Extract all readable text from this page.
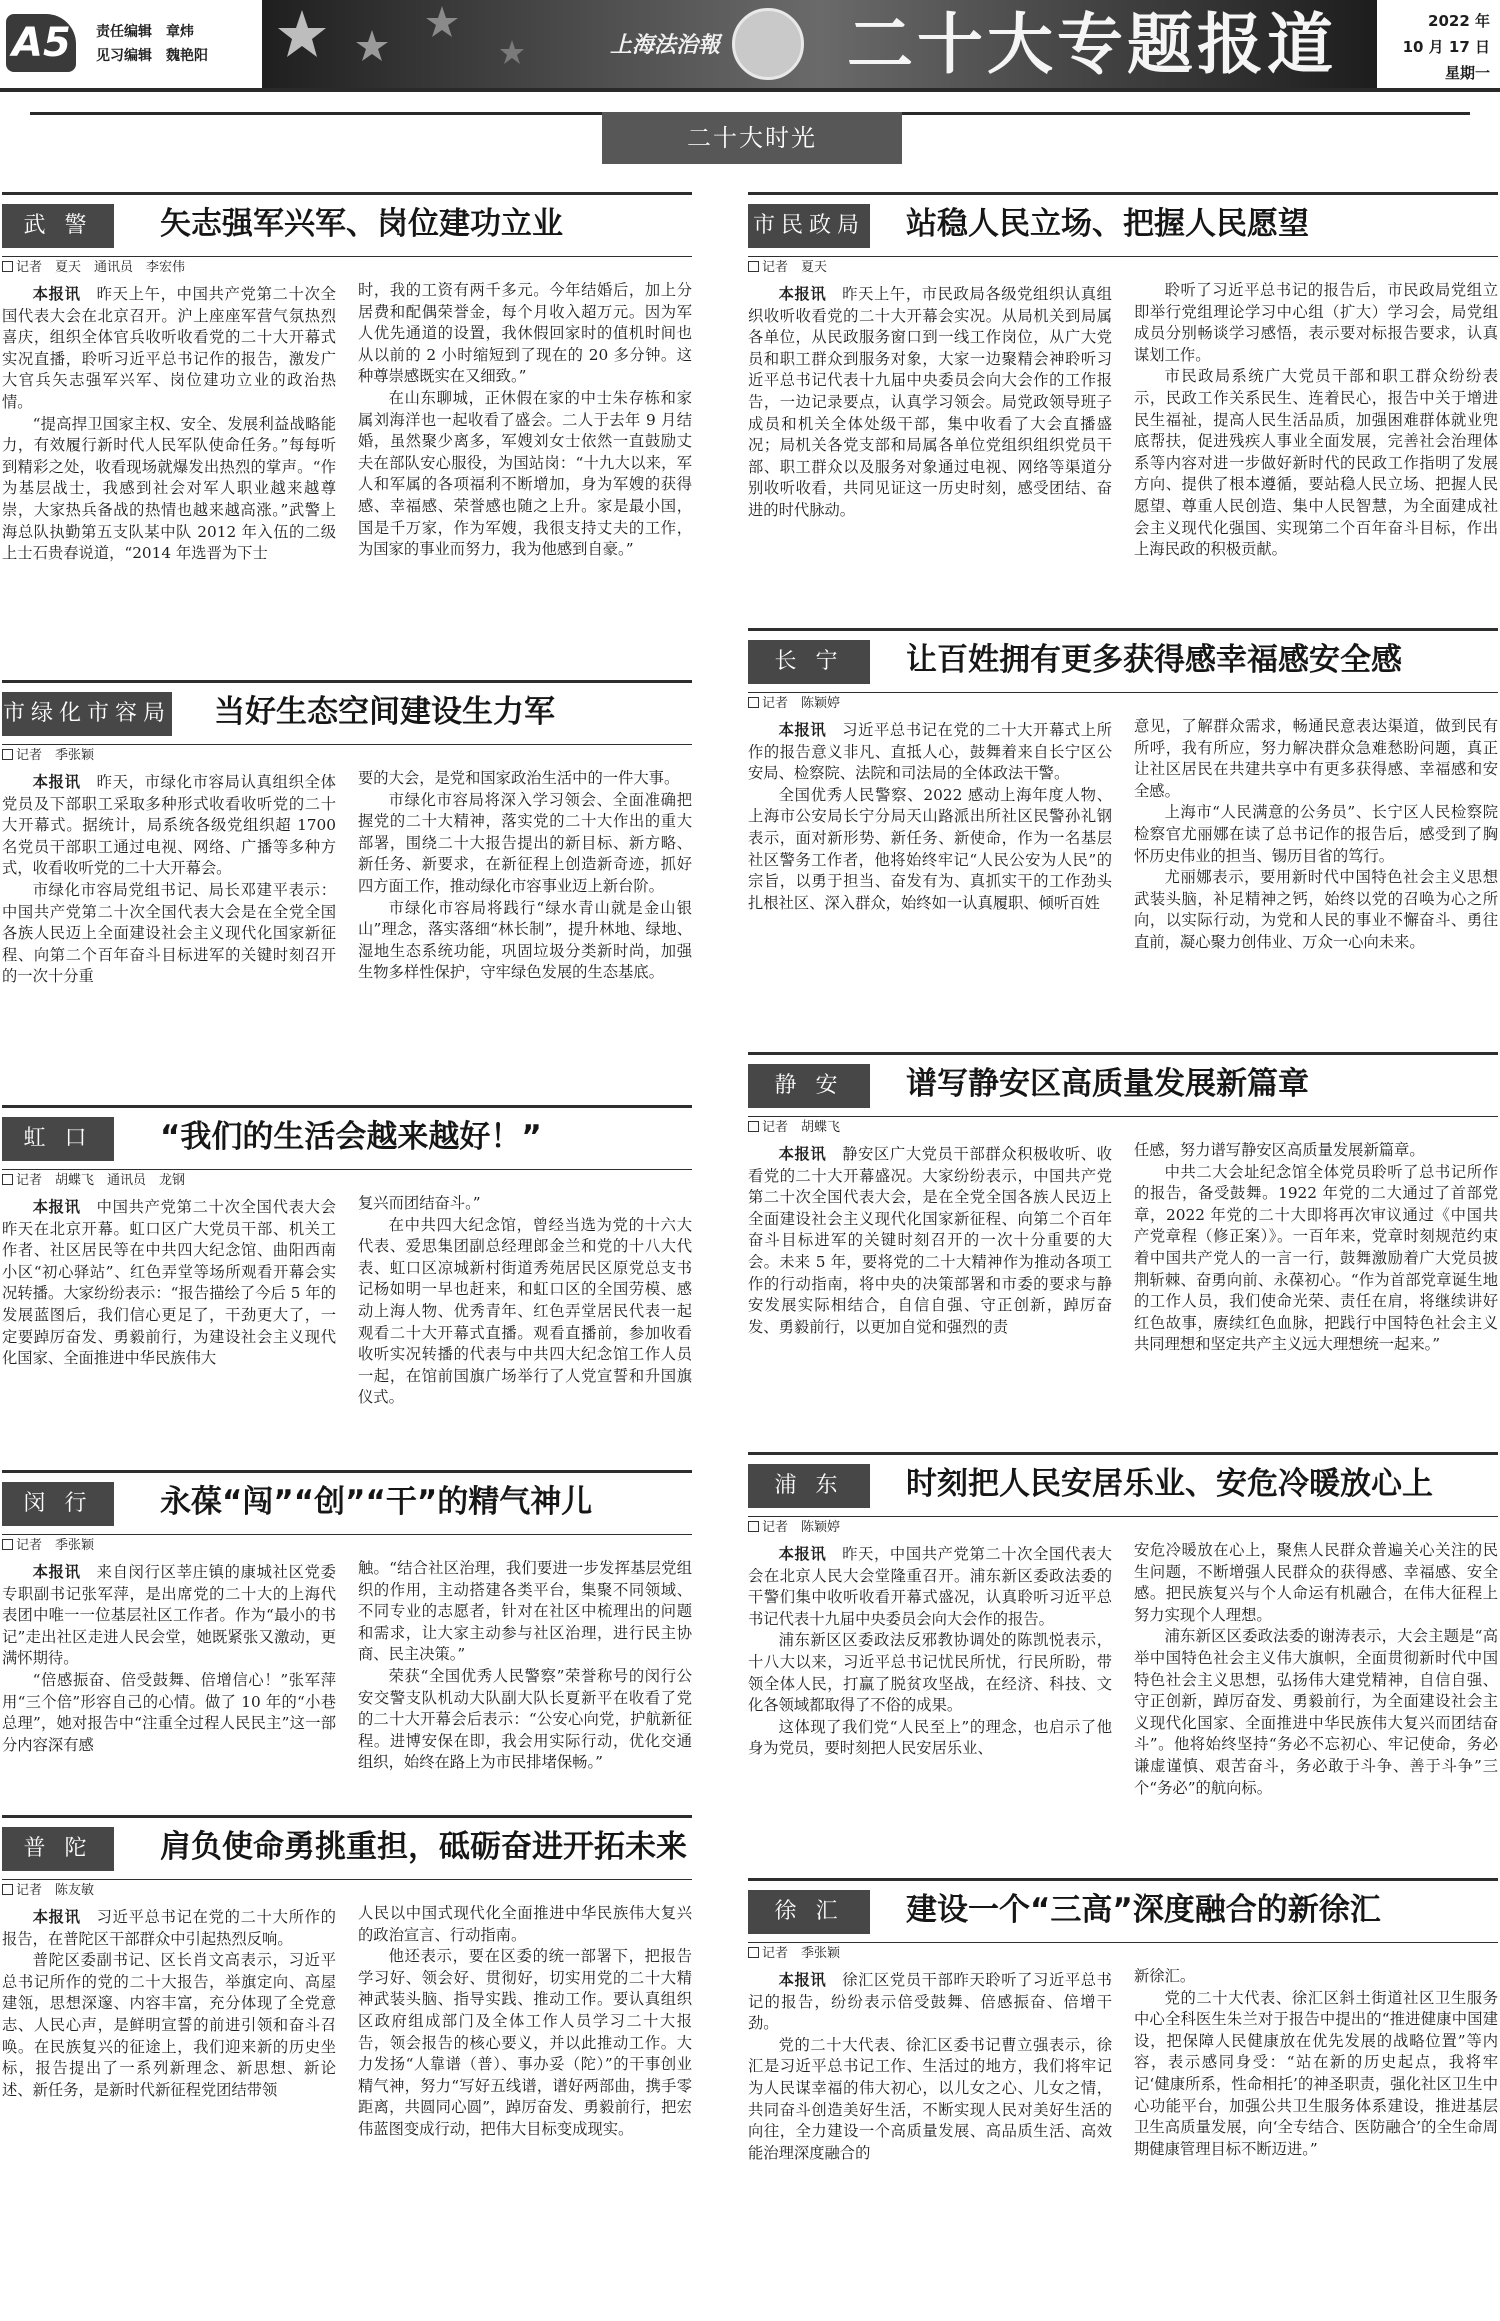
A5	责任编辑　 章炜
见习编辑　 魏艳阳	上海法治報 二十大专题报道	2022 年
10 月 17 日
星期一
二十大时光
武 警	矢志强军兴军、岗位建功立业
记者　夏天　通讯员　李宏伟

本报讯　 昨天上午，中国共产党第二十次全国代表大会在北京召开。沪上座座军营气氛热烈喜庆，组织全体官兵收听收看党的二十大开幕式实况直播，聆听习近平总书记作的报告，激发广大官兵矢志强军兴军、岗位建功立业的政治热情。

“提高捍卫国家主权、安全、发展利益战略能力，有效履行新时代人民军队使命任务。”每每听到精彩之处，收看现场就爆发出热烈的掌声。“作为基层战士，我感到社会对军人职业越来越尊崇，大家热兵备战的热情也越来越高涨。”武警上海总队执勤第五支队某中队 2012 年入伍的二级上士石贵春说道，“2014 年选晋为下士

时，我的工资有两千多元。今年结婚后，加上分居费和配偶荣誉金，每个月收入超万元。因为军人优先通道的设置，我休假回家时的值机时间也从以前的 2 小时缩短到了现在的 20 多分钟。这种尊崇感既实在又细致。”

在山东聊城，正休假在家的中士朱存栋和家属刘海洋也一起收看了盛会。二人于去年 9 月结婚，虽然聚少离多，军嫂刘女士依然一直鼓励丈夫在部队安心服役，为国站岗：“十九大以来，军人和军属的各项福利不断增加，身为军嫂的获得感、幸福感、荣誉感也随之上升。家是最小国，国是千万家，作为军嫂，我很支持丈夫的工作，为国家的事业而努力，我为他感到自豪。”

市绿化市容局 当好生态空间建设生力军
记者　季张颖

本报讯　 昨天，市绿化市容局认真组织全体党员及下部职工采取多种形式收看收听党的二十大开幕式。据统计，局系统各级党组织超 1700 名党员干部职工通过电视、网络、广播等多种方式，收看收听党的二十大开幕会。

市绿化市容局党组书记、局长邓建平表示：中国共产党第二十次全国代表大会是在全党全国各族人民迈上全面建设社会主义现代化国家新征程、向第二个百年奋斗目标进军的关键时刻召开的一次十分重

要的大会，是党和国家政治生活中的一件大事。

市绿化市容局将深入学习领会、全面准确把握党的二十大精神，落实党的二十大作出的重大部署，围绕二十大报告提出的新目标、新方略、新任务、新要求，在新征程上创造新奇迹，抓好四方面工作，推动绿化市容事业迈上新台阶。

市绿化市容局将践行“绿水青山就是金山银山”理念，落实落细“林长制”，提升林地、绿地、湿地生态系统功能，巩固垃圾分类新时尚，加强生物多样性保护，守牢绿色发展的生态基底。

虹 口	“我们的生活会越来越好！”
记者　胡蝶飞　通讯员　龙钢

本报讯　 中国共产党第二十次全国代表大会昨天在北京开幕。虹口区广大党员干部、机关工作者、社区居民等在中共四大纪念馆、曲阳西南小区“初心驿站”、红色弄堂等场所观看开幕会实况转播。大家纷纷表示：“报告描绘了今后 5 年的发展蓝图后，我们信心更足了，干劲更大了，一定要踔厉奋发、勇毅前行，为建设社会主义现代化国家、全面推进中华民族伟大

复兴而团结奋斗。”

在中共四大纪念馆，曾经当选为党的十六大代表、爱思集团副总经理郎金兰和党的十八大代表、虹口区凉城新村街道秀苑居民区原党总支书记杨如明一早也赶来，和虹口区的全国劳模、感动上海人物、优秀青年、红色弄堂居民代表一起观看二十大开幕式直播。观看直播前，参加收看收听实况转播的代表与中共四大纪念馆工作人员一起，在馆前国旗广场举行了人党宣誓和升国旗仪式。

闵 行	永葆“闯”“创”“干”的精气神儿
记者　季张颖

本报讯　 来自闵行区莘庄镇的康城社区党委专职副书记张军萍，是出席党的二十大的上海代表团中唯一一位基层社区工作者。作为“最小的书记”走出社区走进人民会堂，她既紧张又激动，更满怀期待。

“倍感振奋、倍受鼓舞、倍增信心！”张军萍用“三个倍”形容自己的心情。做了 10 年的“小巷总理”，她对报告中“注重全过程人民民主”这一部分内容深有感

触。“结合社区治理，我们要进一步发挥基层党组织的作用，主动搭建各类平台，集聚不同领域、不同专业的志愿者，针对在社区中梳理出的问题和需求，让大家主动参与社区治理，进行民主协商、民主决策。”

荣获“全国优秀人民警察”荣誉称号的闵行公安交警支队机动大队副大队长夏新平在收看了党的二十大开幕会后表示：“公安心向党，护航新征程。进博安保在即，我会用实际行动，优化交通组织，始终在路上为市民排堵保畅。”

普 陀	肩负使命勇挑重担，砥砺奋进开拓未来
记者　陈友敏

本报讯　 习近平总书记在党的二十大所作的报告，在普陀区干部群众中引起热烈反响。

普陀区委副书记、区长肖文高表示，习近平总书记所作的党的二十大报告，举旗定向、高屋建瓴，思想深邃、内容丰富，充分体现了全党意志、人民心声，是鲜明宣誓的前进引领和奋斗召唤。在民族复兴的征途上，我们迎来新的历史坐标，报告提出了一系列新理念、新思想、新论述、新任务，是新时代新征程党团结带领

人民以中国式现代化全面推进中华民族伟大复兴的政治宣言、行动指南。

他还表示，要在区委的统一部署下，把报告学习好、领会好、贯彻好，切实用党的二十大精神武装头脑、指导实践、推动工作。要认真组织区政府组成部门及全体工作人员学习二十大报告，领会报告的核心要义，并以此推动工作。大力发扬“人靠谱（普）、事办妥（陀）”的干事创业精气神，努力“写好五线谱，谱好两部曲，携手零距离，共圆同心圆”，踔厉奋发、勇毅前行，把宏伟蓝图变成行动，把伟大目标变成现实。

市民政局 站稳人民立场、把握人民愿望
记者　夏天

本报讯　 昨天上午，市民政局各级党组织认真组织收听收看党的二十大开幕会实况。从局机关到局属各单位，从民政服务窗口到一线工作岗位，从广大党员和职工群众到服务对象，大家一边聚精会神聆听习近平总书记代表十九届中央委员会向大会作的工作报告，一边记录要点，认真学习领会。局党政领导班子成员和机关全体处级干部，集中收看了大会直播盛况；局机关各党支部和局属各单位党组织组织党员干部、职工群众以及服务对象通过电视、网络等渠道分别收听收看，共同见证这一历史时刻，感受团结、奋进的时代脉动。

聆听了习近平总书记的报告后，市民政局党组立即举行党组理论学习中心组（扩大）学习会，局党组成员分别畅谈学习感悟，表示要对标报告要求，认真谋划工作。

市民政局系统广大党员干部和职工群众纷纷表示，民政工作关系民生、连着民心，报告中关于增进民生福祉，提高人民生活品质，加强困难群体就业兜底帮扶，促进残疾人事业全面发展，完善社会治理体系等内容对进一步做好新时代的民政工作指明了发展方向、提供了根本遵循，要站稳人民立场、把握人民愿望、尊重人民创造、集中人民智慧，为全面建成社会主义现代化强国、实现第二个百年奋斗目标，作出上海民政的积极贡献。

长 宁	让百姓拥有更多获得感幸福感安全感
记者　陈颖婷

本报讯　 习近平总书记在党的二十大开幕式上所作的报告意义非凡、直抵人心，鼓舞着来自长宁区公安局、检察院、法院和司法局的全体政法干警。

全国优秀人民警察、2022 感动上海年度人物、上海市公安局长宁分局天山路派出所社区民警孙礼钢表示，面对新形势、新任务、新使命，作为一名基层社区警务工作者，他将始终牢记“人民公安为人民”的宗旨，以勇于担当、奋发有为、真抓实干的工作劲头扎根社区、深入群众，始终如一认真履职、倾听百姓

意见，了解群众需求，畅通民意表达渠道，做到民有所呼，我有所应，努力解决群众急难愁盼问题，真正让社区居民在共建共享中有更多获得感、幸福感和安全感。

上海市“人民满意的公务员”、长宁区人民检察院检察官尤丽娜在读了总书记作的报告后，感受到了胸怀历史伟业的担当、锡历目省的笃行。

尤丽娜表示，要用新时代中国特色社会主义思想武装头脑，补足精神之钙，始终以党的召唤为心之所向，以实际行动，为党和人民的事业不懈奋斗、勇往直前，凝心聚力创伟业、万众一心向未来。

静 安	谱写静安区高质量发展新篇章
记者　胡蝶飞

本报讯　 静安区广大党员干部群众积极收听、收看党的二十大开幕盛况。大家纷纷表示，中国共产党第二十次全国代表大会，是在全党全国各族人民迈上全面建设社会主义现代化国家新征程、向第二个百年奋斗目标进军的关键时刻召开的一次十分重要的大会。未来 5 年，要将党的二十大精神作为推动各项工作的行动指南，将中央的决策部署和市委的要求与静安发展实际相结合，自信自强、守正创新，踔厉奋发、勇毅前行，以更加自觉和强烈的责

任感，努力谱写静安区高质量发展新篇章。

中共二大会址纪念馆全体党员聆听了总书记所作的报告，备受鼓舞。1922 年党的二大通过了首部党章，2022 年党的二十大即将再次审议通过《中国共产党章程（修正案）》。一百年来，党章时刻规范约束着中国共产党人的一言一行，鼓舞激励着广大党员披荆斩棘、奋勇向前、永葆初心。“作为首部党章诞生地的工作人员，我们使命光荣、责任在肩，将继续讲好红色故事，赓续红色血脉，把践行中国特色社会主义共同理想和坚定共产主义远大理想统一起来。”

浦 东	时刻把人民安居乐业、安危冷暖放心上
记者　陈颖婷

本报讯　 昨天，中国共产党第二十次全国代表大会在北京人民大会堂隆重召开。浦东新区委政法委的干警们集中收听收看开幕式盛况，认真聆听习近平总书记代表十九届中央委员会向大会作的报告。

浦东新区区委政法反邪教协调处的陈凯悦表示，十八大以来，习近平总书记忧民所忧，行民所盼，带领全体人民，打赢了脱贫攻坚战，在经济、科技、文化各领域都取得了不俗的成果。

这体现了我们党“人民至上”的理念，也启示了他身为党员，要时刻把人民安居乐业、

安危冷暖放在心上，聚焦人民群众普遍关心关注的民生问题，不断增强人民群众的获得感、幸福感、安全感。把民族复兴与个人命运有机融合，在伟大征程上努力实现个人理想。

浦东新区区委政法委的谢涛表示，大会主题是“高举中国特色社会主义伟大旗帜，全面贯彻新时代中国特色社会主义思想，弘扬伟大建党精神，自信自强、守正创新，踔厉奋发、勇毅前行，为全面建设社会主义现代化国家、全面推进中华民族伟大复兴而团结奋斗”。他将始终坚持“务必不忘初心、牢记使命，务必谦虚谨慎、艰苦奋斗，务必敢于斗争、善于斗争”三个“务必”的航向标。

徐 汇	建设一个“三高”深度融合的新徐汇
记者　季张颖

本报讯　 徐汇区党员干部昨天聆听了习近平总书记的报告，纷纷表示倍受鼓舞、倍感振奋、倍增干劲。

党的二十大代表、徐汇区委书记曹立强表示，徐汇是习近平总书记工作、生活过的地方，我们将牢记为人民谋幸福的伟大初心，以儿女之心、儿女之情，共同奋斗创造美好生活，不断实现人民对美好生活的向往，全力建设一个高质量发展、高品质生活、高效能治理深度融合的

新徐汇。

党的二十大代表、徐汇区斜土街道社区卫生服务中心全科医生朱兰对于报告中提出的“推进健康中国建设，把保障人民健康放在优先发展的战略位置”等内容，表示感同身受：“站在新的历史起点，我将牢记‘健康所系，性命相托’的神圣职责，强化社区卫生中心功能平台，加强公共卫生服务体系建设，推进基层卫生高质量发展，向‘全专结合、医防融合’的全生命周期健康管理目标不断迈进。”
